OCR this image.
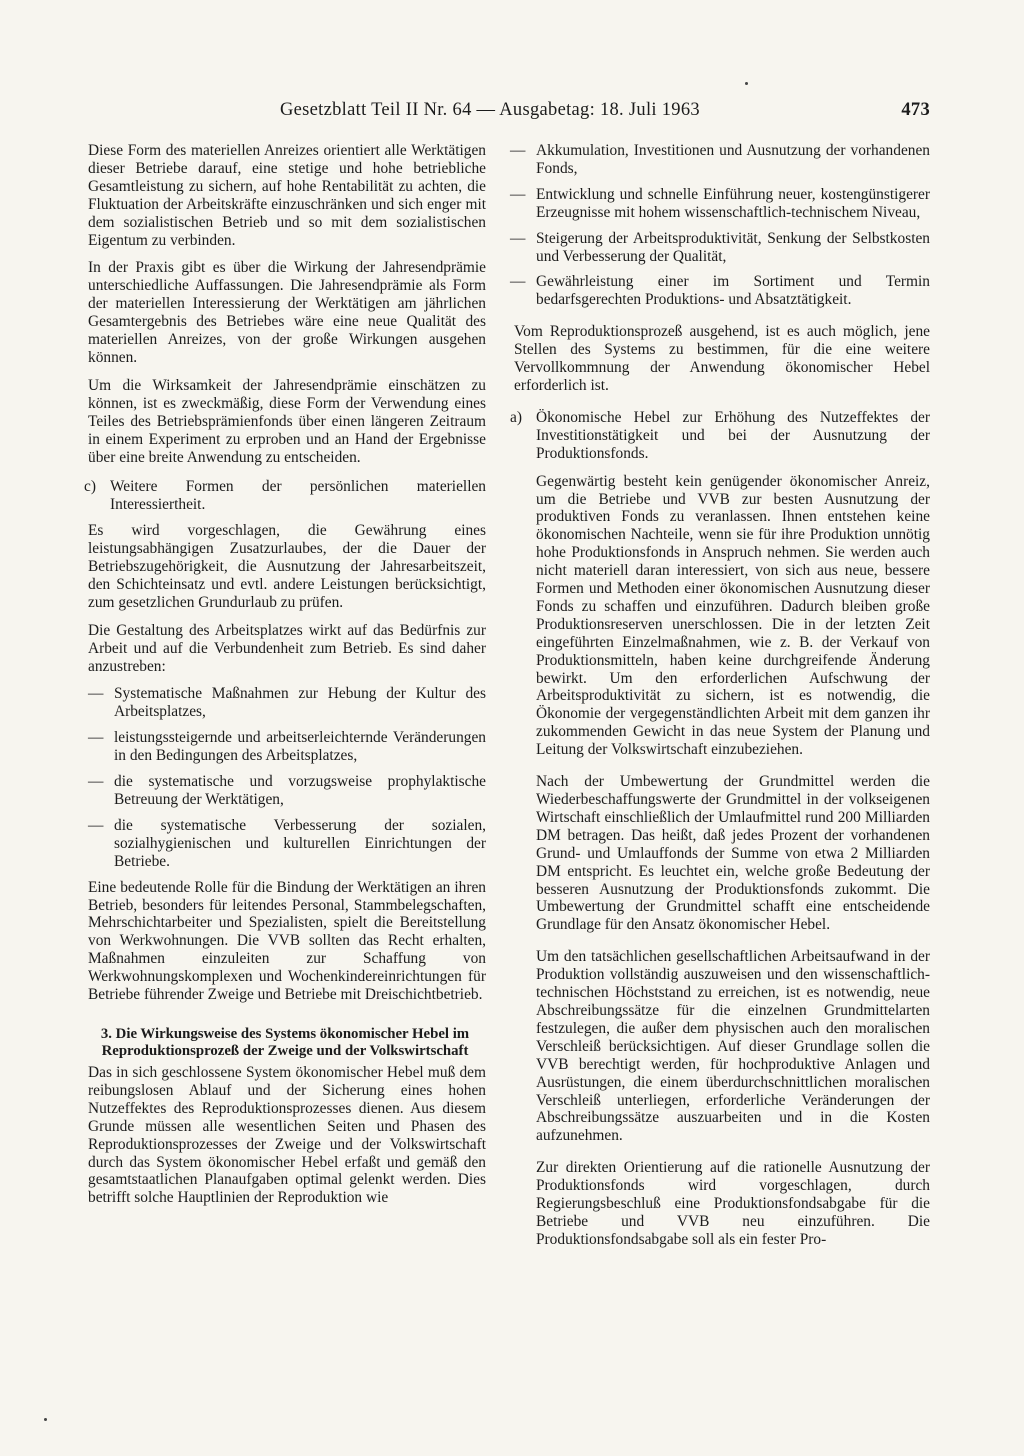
Gesetzblatt Teil II Nr. 64 — Ausgabetag: 18. Juli 1963	473

Diese Form des materiellen Anreizes orientiert alle Werktätigen dieser Betriebe darauf, eine stetige und hohe betriebliche Gesamtleistung zu sichern, auf hohe Rentabilität zu achten, die Fluktuation der Arbeitskräfte einzuschränken und sich enger mit dem sozialistischen Betrieb und so mit dem sozialistischen Eigentum zu verbinden.

In der Praxis gibt es über die Wirkung der Jahresendprämie unterschiedliche Auffassungen. Die Jahresendprämie als Form der materiellen Interessierung der Werktätigen am jährlichen Gesamtergebnis des Betriebes wäre eine neue Qualität des materiellen Anreizes, von der große Wirkungen ausgehen können.

Um die Wirksamkeit der Jahresendprämie einschätzen zu können, ist es zweckmäßig, diese Form der Verwendung eines Teiles des Betriebsprämienfonds über einen längeren Zeitraum in einem Experiment zu erproben und an Hand der Ergebnisse über eine breite Anwendung zu entscheiden.

c) Weitere Formen der persönlichen materiellen Interessiertheit.

Es wird vorgeschlagen, die Gewährung eines leistungsabhängigen Zusatzurlaubes, der die Dauer der Betriebszugehörigkeit, die Ausnutzung der Jahresarbeitszeit, den Schichteinsatz und evtl. andere Leistungen berücksichtigt, zum gesetzlichen Grundurlaub zu prüfen.

Die Gestaltung des Arbeitsplatzes wirkt auf das Bedürfnis zur Arbeit und auf die Verbundenheit zum Betrieb. Es sind daher anzustreben:

— Systematische Maßnahmen zur Hebung der Kultur des Arbeitsplatzes,
— leistungssteigernde und arbeitserleichternde Veränderungen in den Bedingungen des Arbeitsplatzes,
— die systematische und vorzugsweise prophylaktische Betreuung der Werktätigen,
— die systematische Verbesserung der sozialen, sozialhygienischen und kulturellen Einrichtungen der Betriebe.

Eine bedeutende Rolle für die Bindung der Werktätigen an ihren Betrieb, besonders für leitendes Personal, Stammbelegschaften, Mehrschichtarbeiter und Spezialisten, spielt die Bereitstellung von Werkwohnungen. Die VVB sollten das Recht erhalten, Maßnahmen einzuleiten zur Schaffung von Werkwohnungskomplexen und Wochenkindereinrichtungen für Betriebe führender Zweige und Betriebe mit Dreischichtbetrieb.

3. Die Wirkungsweise des Systems ökonomischer Hebel im Reproduktionsprozeß der Zweige und der Volkswirtschaft

Das in sich geschlossene System ökonomischer Hebel muß dem reibungslosen Ablauf und der Sicherung eines hohen Nutzeffektes des Reproduktionsprozesses dienen. Aus diesem Grunde müssen alle wesentlichen Seiten und Phasen des Reproduktionsprozesses der Zweige und der Volkswirtschaft durch das System ökonomischer Hebel erfaßt und gemäß den gesamtstaatlichen Planaufgaben optimal gelenkt werden. Dies betrifft solche Hauptlinien der Reproduktion wie

— Akkumulation, Investitionen und Ausnutzung der vorhandenen Fonds,
— Entwicklung und schnelle Einführung neuer, kostengünstigerer Erzeugnisse mit hohem wissenschaftlich-technischem Niveau,
— Steigerung der Arbeitsproduktivität, Senkung der Selbstkosten und Verbesserung der Qualität,
— Gewährleistung einer im Sortiment und Termin bedarfsgerechten Produktions- und Absatztätigkeit.

Vom Reproduktionsprozeß ausgehend, ist es auch möglich, jene Stellen des Systems zu bestimmen, für die eine weitere Vervollkommnung der Anwendung ökonomischer Hebel erforderlich ist.

a) Ökonomische Hebel zur Erhöhung des Nutzeffektes der Investitionstätigkeit und bei der Ausnutzung der Produktionsfonds.

Gegenwärtig besteht kein genügender ökonomischer Anreiz, um die Betriebe und VVB zur besten Ausnutzung der produktiven Fonds zu veranlassen. Ihnen entstehen keine ökonomischen Nachteile, wenn sie für ihre Produktion unnötig hohe Produktionsfonds in Anspruch nehmen. Sie werden auch nicht materiell daran interessiert, von sich aus neue, bessere Formen und Methoden einer ökonomischen Ausnutzung dieser Fonds zu schaffen und einzuführen. Dadurch bleiben große Produktionsreserven unerschlossen. Die in der letzten Zeit eingeführten Einzelmaßnahmen, wie z. B. der Verkauf von Produktionsmitteln, haben keine durchgreifende Änderung bewirkt. Um den erforderlichen Aufschwung der Arbeitsproduktivität zu sichern, ist es notwendig, die Ökonomie der vergegenständlichten Arbeit mit dem ganzen ihr zukommenden Gewicht in das neue System der Planung und Leitung der Volkswirtschaft einzubeziehen.

Nach der Umbewertung der Grundmittel werden die Wiederbeschaffungswerte der Grundmittel in der volkseigenen Wirtschaft einschließlich der Umlaufmittel rund 200 Milliarden DM betragen. Das heißt, daß jedes Prozent der vorhandenen Grund- und Umlauffonds der Summe von etwa 2 Milliarden DM entspricht. Es leuchtet ein, welche große Bedeutung der besseren Ausnutzung der Produktionsfonds zukommt. Die Umbewertung der Grundmittel schafft eine entscheidende Grundlage für den Ansatz ökonomischer Hebel.

Um den tatsächlichen gesellschaftlichen Arbeitsaufwand in der Produktion vollständig auszuweisen und den wissenschaftlich-technischen Höchststand zu erreichen, ist es notwendig, neue Abschreibungssätze für die einzelnen Grundmittelarten festzulegen, die außer dem physischen auch den moralischen Verschleiß berücksichtigen. Auf dieser Grundlage sollen die VVB berechtigt werden, für hochproduktive Anlagen und Ausrüstungen, die einem überdurchschnittlichen moralischen Verschleiß unterliegen, erforderliche Veränderungen der Abschreibungssätze auszuarbeiten und in die Kosten aufzunehmen.

Zur direkten Orientierung auf die rationelle Ausnutzung der Produktionsfonds wird vorgeschlagen, durch Regierungsbeschluß eine Produktionsfondsabgabe für die Betriebe und VVB neu einzuführen. Die Produktionsfondsabgabe soll als ein fester Pro-
